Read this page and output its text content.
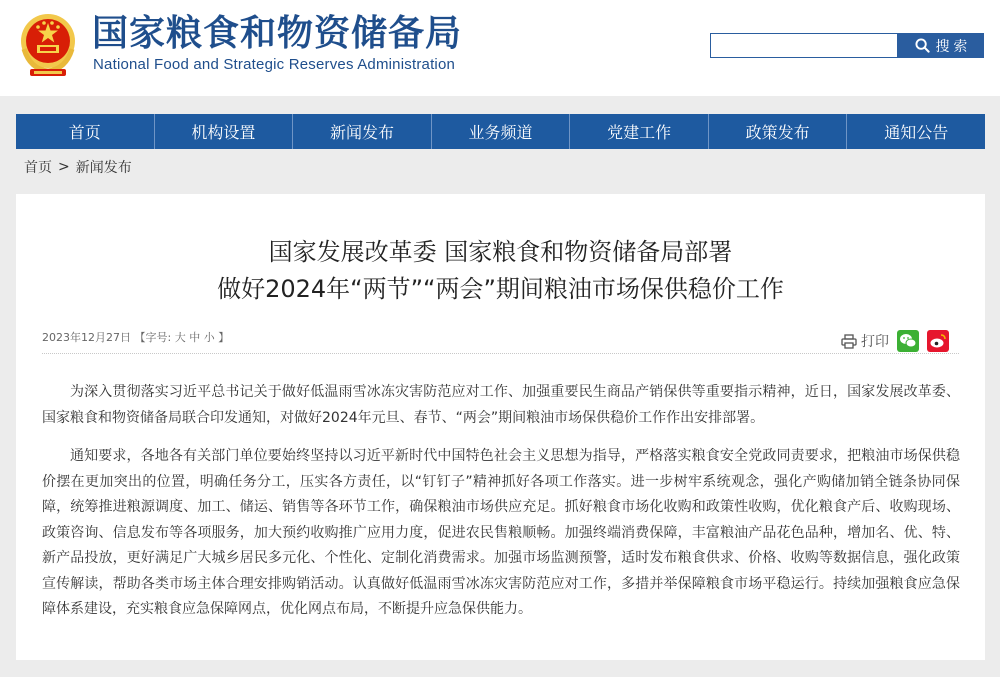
国家粮食和物资储备局
National Food and Strategic Reserves Administration
搜 索
首页	机构设置	新闻发布	业务频道	党建工作	政策发布	通知公告
首页 > 新闻发布
国家发展改革委 国家粮食和物资储备局部署
做好2024年“两节”“两会”期间粮油市场保供稳价工作
2023年12月27日 【字号: 大 中 小 】	打印

为深入贯彻落实习近平总书记关于做好低温雨雪冰冻灾害防范应对工作、加强重要民生商品产销保供等重要指示精神，近日，国家发展改革委、国家粮食和物资储备局联合印发通知，对做好2024年元旦、春节、“两会”期间粮油市场保供稳价工作作出安排部署。

通知要求，各地各有关部门单位要始终坚持以习近平新时代中国特色社会主义思想为指导，严格落实粮食安全党政同责要求，把粮油市场保供稳价摆在更加突出的位置，明确任务分工，压实各方责任，以“钉钉子”精神抓好各项工作落实。进一步树牢系统观念，强化产购储加销全链条协同保障，统筹推进粮源调度、加工、储运、销售等各环节工作，确保粮油市场供应充足。抓好粮食市场化收购和政策性收购，优化粮食产后、收购现场、政策咨询、信息发布等各项服务，加大预约收购推广应用力度，促进农民售粮顺畅。加强终端消费保障，丰富粮油产品花色品种，增加名、优、特、新产品投放，更好满足广大城乡居民多元化、个性化、定制化消费需求。加强市场监测预警，适时发布粮食供求、价格、收购等数据信息，强化政策宣传解读，帮助各类市场主体合理安排购销活动。认真做好低温雨雪冰冻灾害防范应对工作，多措并举保障粮食市场平稳运行。持续加强粮食应急保障体系建设，充实粮食应急保障网点，优化网点布局，不断提升应急保供能力。
